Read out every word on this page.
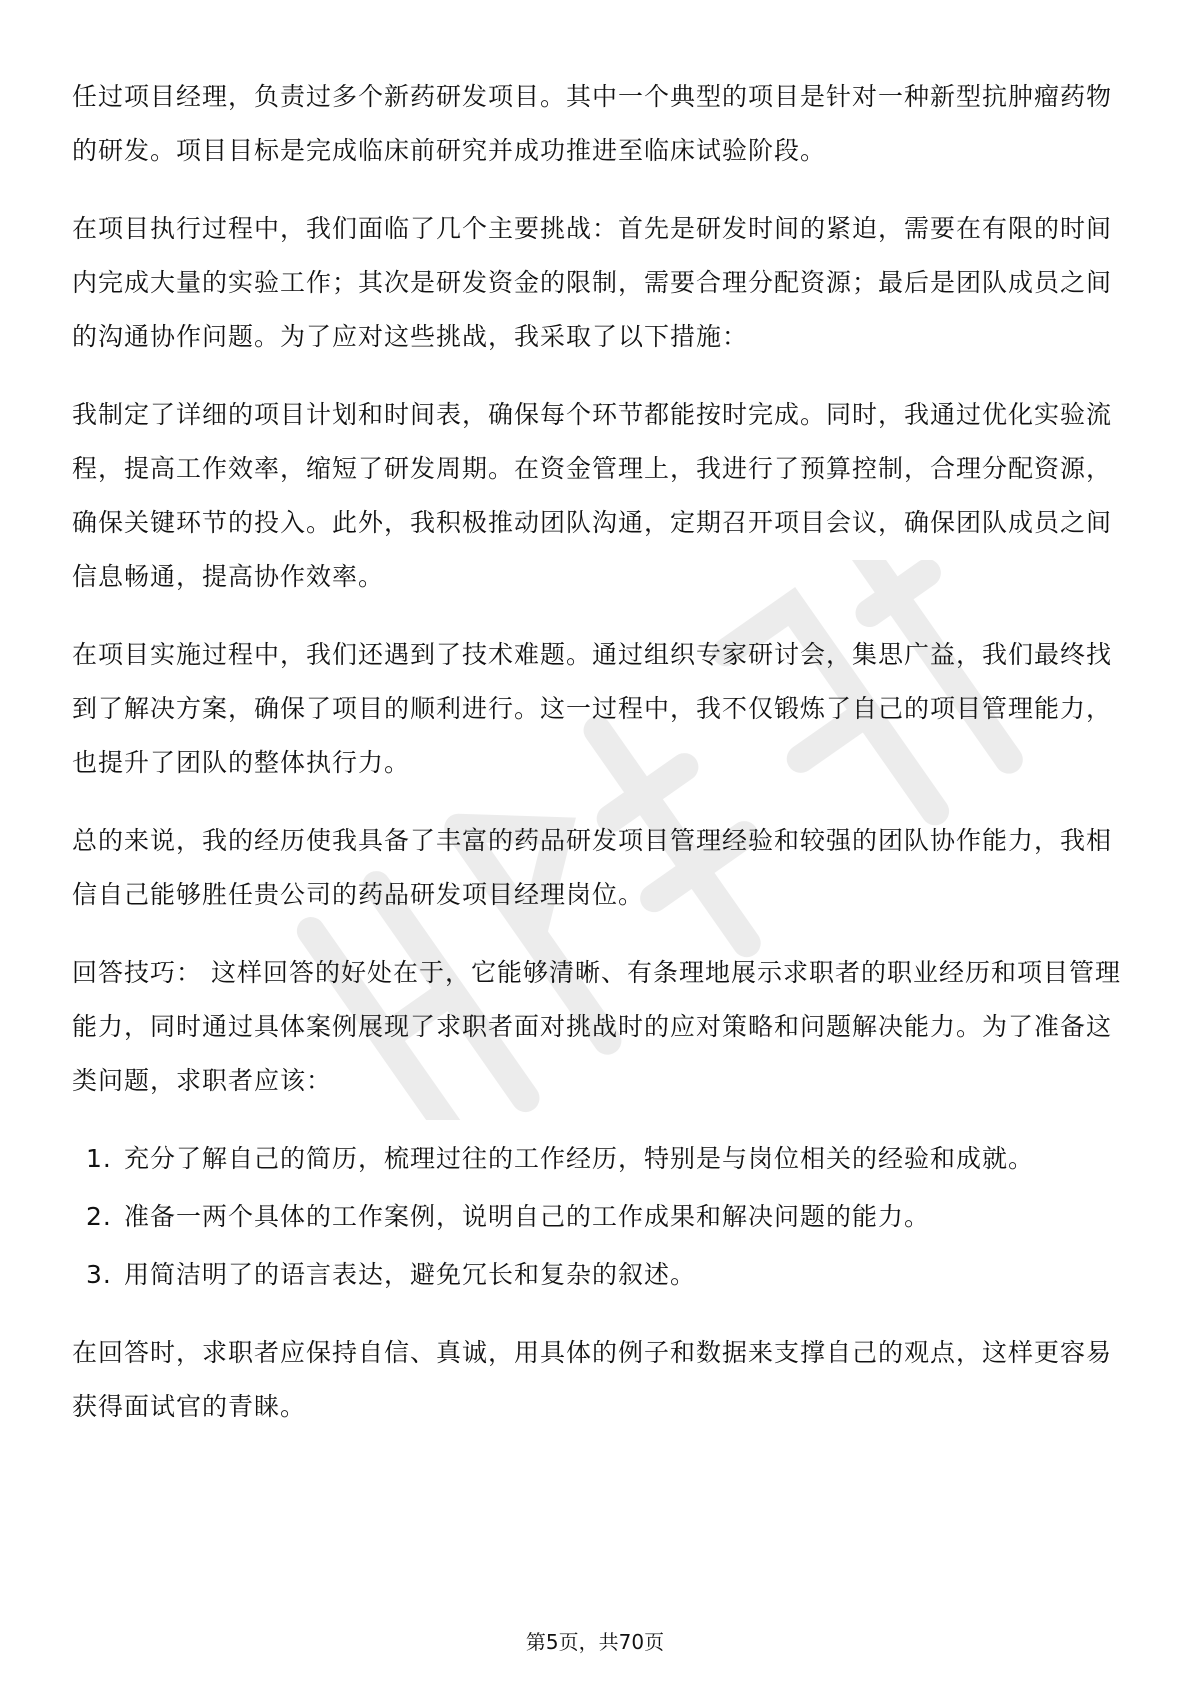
任过项目经理，负责过多个新药研发项目。其中一个典型的项目是针对一种新型抗肿瘤药物的研发。项目目标是完成临床前研究并成功推进至临床试验阶段。

在项目执行过程中，我们面临了几个主要挑战：首先是研发时间的紧迫，需要在有限的时间内完成大量的实验工作；其次是研发资金的限制，需要合理分配资源；最后是团队成员之间的沟通协作问题。为了应对这些挑战，我采取了以下措施：

我制定了详细的项目计划和时间表，确保每个环节都能按时完成。同时，我通过优化实验流程，提高工作效率，缩短了研发周期。在资金管理上，我进行了预算控制，合理分配资源，确保关键环节的投入。此外，我积极推动团队沟通，定期召开项目会议，确保团队成员之间信息畅通，提高协作效率。

在项目实施过程中，我们还遇到了技术难题。通过组织专家研讨会，集思广益，我们最终找到了解决方案，确保了项目的顺利进行。这一过程中，我不仅锻炼了自己的项目管理能力，也提升了团队的整体执行力。

总的来说，我的经历使我具备了丰富的药品研发项目管理经验和较强的团队协作能力，我相信自己能够胜任贵公司的药品研发项目经理岗位。

回答技巧： 这样回答的好处在于，它能够清晰、有条理地展示求职者的职业经历和项目管理能力，同时通过具体案例展现了求职者面对挑战时的应对策略和问题解决能力。为了准备这类问题，求职者应该：

1. 充分了解自己的简历，梳理过往的工作经历，特别是与岗位相关的经验和成就。
2. 准备一两个具体的工作案例，说明自己的工作成果和解决问题的能力。
3. 用简洁明了的语言表达，避免冗长和复杂的叙述。

在回答时，求职者应保持自信、真诚，用具体的例子和数据来支撑自己的观点，这样更容易获得面试官的青睐。

第5页，共70页
